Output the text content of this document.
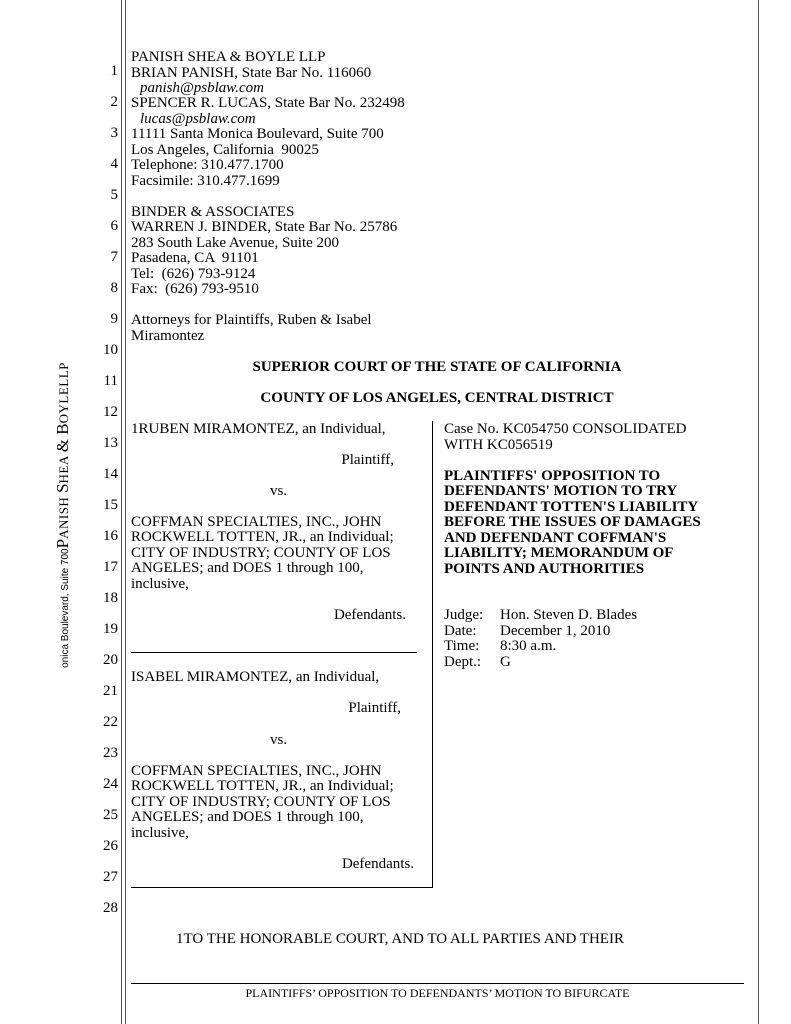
onica Boulevard, Suite 700PANISH SHEA & BOYLELLP
1
2
3
4
5
6
7
8
9
10
11
12
13
14
15
16
17
18
19
20
21
22
23
24
25
26
27
28
PANISH SHEA & BOYLE LLP
BRIAN PANISH, State Bar No. 116060
panish@psblaw.com
SPENCER R. LUCAS, State Bar No. 232498
lucas@psblaw.com
11111 Santa Monica Boulevard, Suite 700
Los Angeles, California  90025
Telephone: 310.477.1700
Facsimile: 310.477.1699
BINDER & ASSOCIATES
WARREN J. BINDER, State Bar No. 25786
283 South Lake Avenue, Suite 200
Pasadena, CA  91101
Tel:  (626) 793-9124
Fax:  (626) 793-9510
Attorneys for Plaintiffs, Ruben & Isabel
Miramontez
SUPERIOR COURT OF THE STATE OF CALIFORNIA
COUNTY OF LOS ANGELES, CENTRAL DISTRICT
1RUBEN MIRAMONTEZ, an Individual,
Plaintiff,
vs.
COFFMAN SPECIALTIES, INC., JOHN
ROCKWELL TOTTEN, JR., an Individual;
CITY OF INDUSTRY; COUNTY OF LOS
ANGELES; and DOES 1 through 100,
inclusive,
Defendants.
ISABEL MIRAMONTEZ, an Individual,
Plaintiff,
vs.
COFFMAN SPECIALTIES, INC., JOHN
ROCKWELL TOTTEN, JR., an Individual;
CITY OF INDUSTRY; COUNTY OF LOS
ANGELES; and DOES 1 through 100,
inclusive,
Defendants.
Case No. KC054750 CONSOLIDATED
WITH KC056519
PLAINTIFFS' OPPOSITION TO
DEFENDANTS' MOTION TO TRY
DEFENDANT TOTTEN'S LIABILITY
BEFORE THE ISSUES OF DAMAGES
AND DEFENDANT COFFMAN'S
LIABILITY; MEMORANDUM OF
POINTS AND AUTHORITIES
Judge: Hon. Steven D. Blades
Date: December 1, 2010
Time: 8:30 a.m.
Dept.: G
1TO THE HONORABLE COURT, AND TO ALL PARTIES AND THEIR
PLAINTIFFS’ OPPOSITION TO DEFENDANTS’ MOTION TO BIFURCATE
